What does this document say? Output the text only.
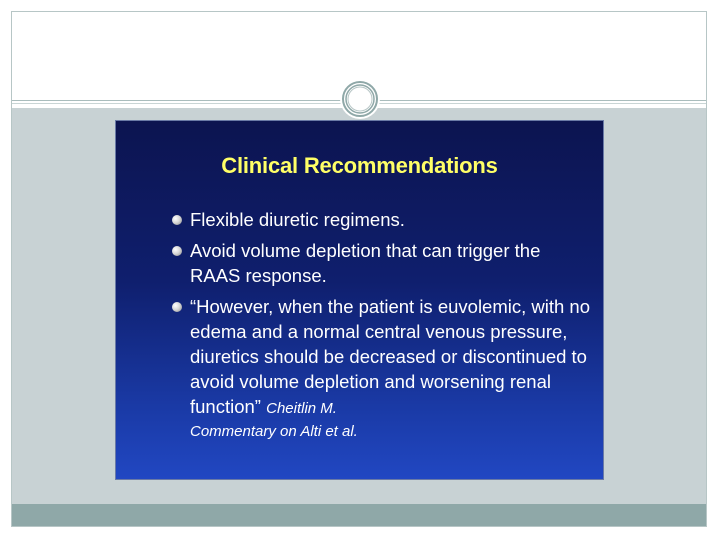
Clinical Recommendations
Flexible diuretic regimens.
Avoid volume depletion that can trigger the RAAS response.
“However, when the patient is euvolemic, with no edema and a normal central venous pressure, diuretics should be decreased or discontinued to avoid volume depletion and worsening renal function” Cheitlin M.
Commentary on Alti et al.
